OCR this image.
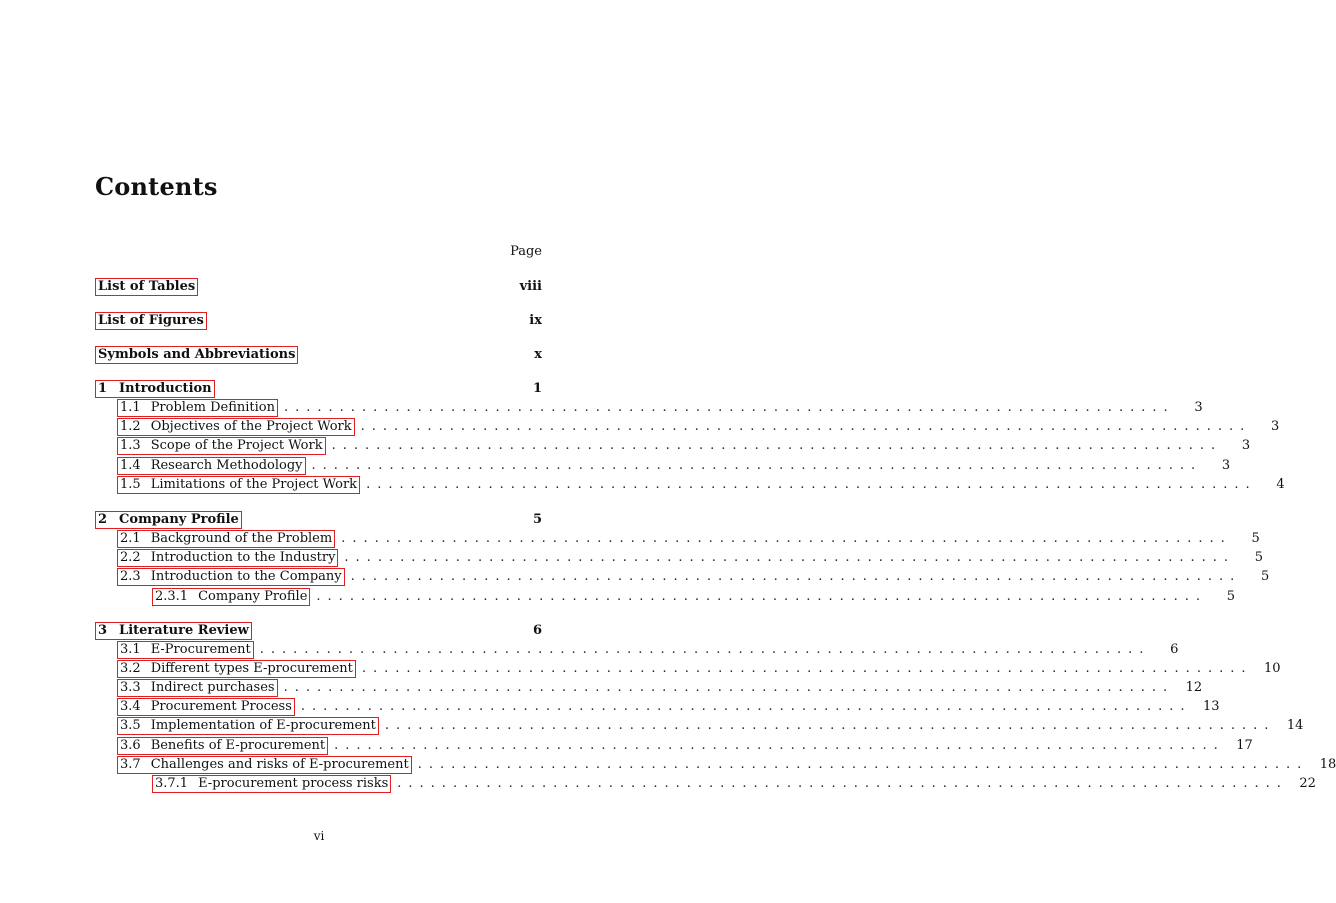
Contents
Page
List of Tables	viii
List of Figures	ix
Symbols and Abbreviations	x
1 Introduction	1
1.1 Problem Definition ................................................................................	3
1.2 Objectives of the Project Work ................................................................................	3
1.3 Scope of the Project Work ................................................................................	3
1.4 Research Methodology ................................................................................	3
1.5 Limitations of the Project Work ................................................................................	4
2 Company Profile	5
2.1 Background of the Problem ................................................................................	5
2.2 Introduction to the Industry ................................................................................	5
2.3 Introduction to the Company ................................................................................	5
2.3.1 Company Profile ................................................................................	5
3 Literature Review	6
3.1 E-Procurement ................................................................................	6
3.2 Different types E-procurement ................................................................................ 10
3.3 Indirect purchases ................................................................................ 12
3.4 Procurement Process ................................................................................ 13
3.5 Implementation of E-procurement ................................................................................ 14
3.6 Benefits of E-procurement ................................................................................ 17
3.7 Challenges and risks of E-procurement ................................................................................ 18
3.7.1 E-procurement process risks ................................................................................ 22
vi
